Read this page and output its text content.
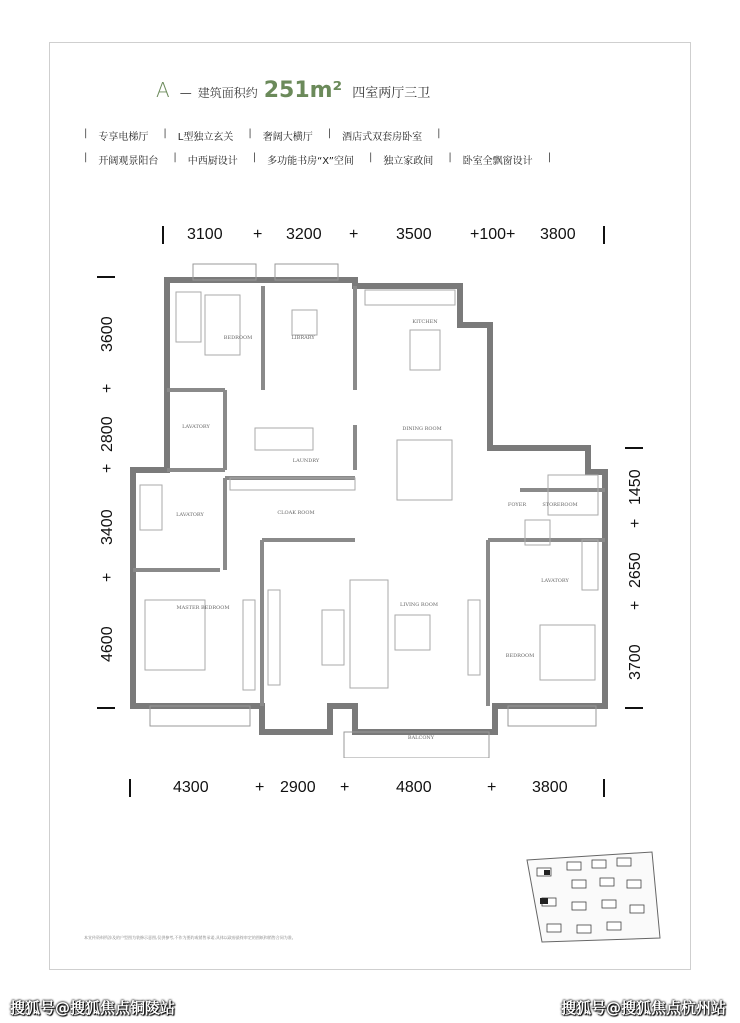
A — 建筑面积约 251m² 四室两厅三卫
| 专享电梯厅 | L型独立玄关 | 奢阔大横厅 | 酒店式双套房卧室 |
| 开阔观景阳台 | 中西厨设计 | 多功能书房“X”空间 | 独立家政间 | 卧室全飘窗设计 |
3100 + 3200 + 3500 +100+ 3800
4300	+ 2900 +	4800	+ 3800
3600
+
2800
+
3400
+
4600
1450
+
2650
+
3700
BEDROOM	LIBRARY
KITCHEN
DINING ROOM
LAUNDRY
LAVATORY
LAVATORY	CLOAK ROOM
FOYER	STOREROOM
LAVATORY
MASTER BEDROOM	LIVING ROOM
BEDROOM
BALCONY
本宣传资料所涉及的户型图为装修示意图,仅供参考,不作为要约或销售承诺,具体以政府最终审定的图纸和销售合同为准。
搜狐号@搜狐焦点铜陵站	搜狐号@搜狐焦点杭州站
